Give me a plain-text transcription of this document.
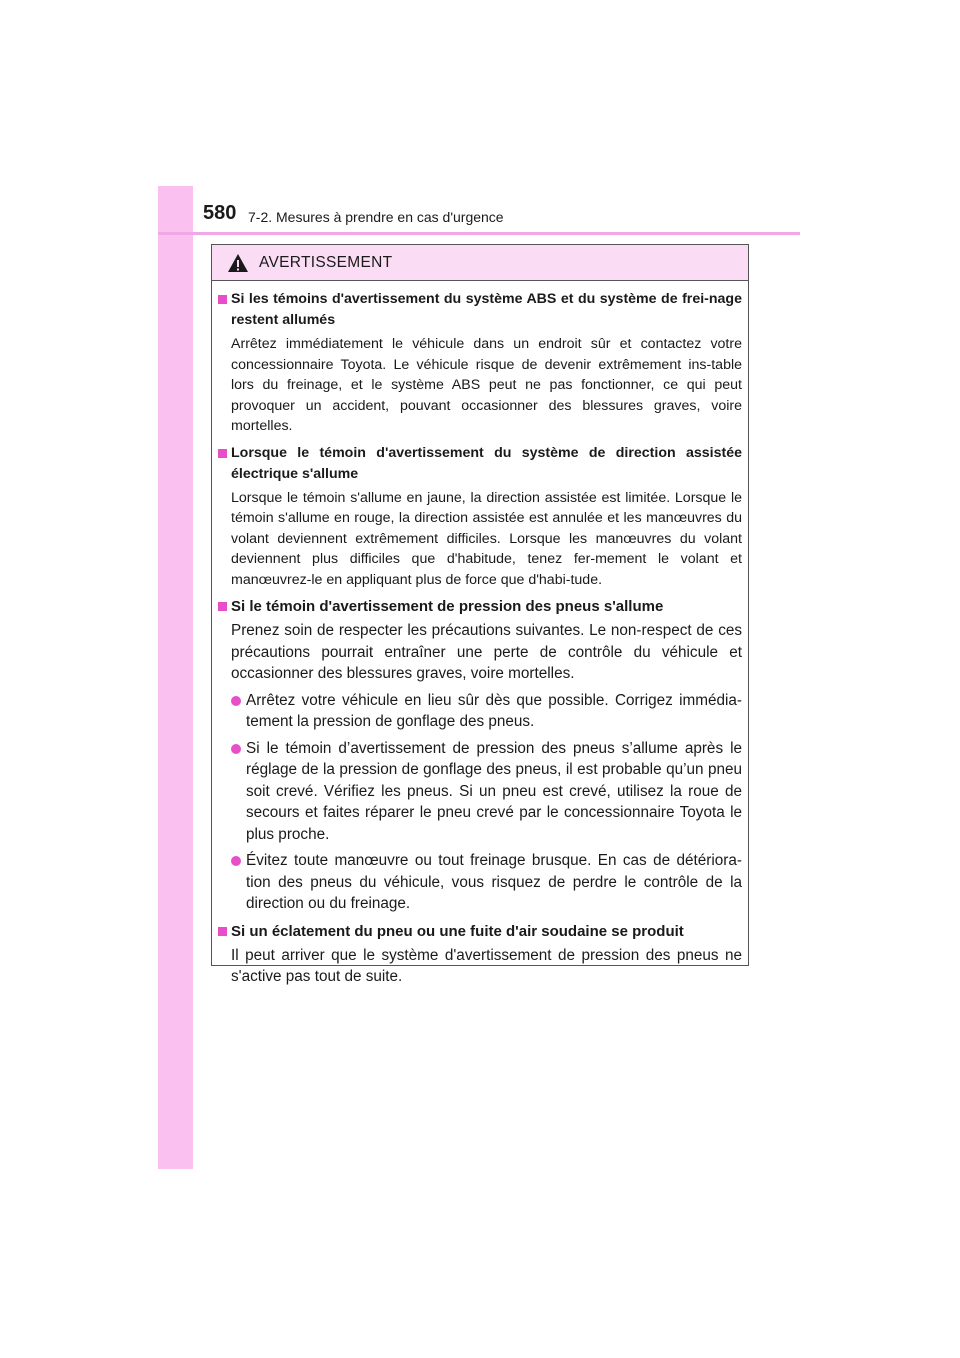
580 7-2. Mesures à prendre en cas d'urgence
AVERTISSEMENT
Si les témoins d'avertissement du système ABS et du système de frei-nage restent allumés
Arrêtez immédiatement le véhicule dans un endroit sûr et contactez votre concessionnaire Toyota. Le véhicule risque de devenir extrêmement ins-table lors du freinage, et le système ABS peut ne pas fonctionner, ce qui peut provoquer un accident, pouvant occasionner des blessures graves, voire mortelles.
Lorsque le témoin d'avertissement du système de direction assistée électrique s'allume
Lorsque le témoin s'allume en jaune, la direction assistée est limitée. Lorsque le témoin s'allume en rouge, la direction assistée est annulée et les manœuvres du volant deviennent extrêmement difficiles. Lorsque les manœuvres du volant deviennent plus difficiles que d'habitude, tenez fer-mement le volant et manœuvrez-le en appliquant plus de force que d'habi-tude.
Si le témoin d'avertissement de pression des pneus s'allume
Prenez soin de respecter les précautions suivantes. Le non-respect de ces précautions pourrait entraîner une perte de contrôle du véhicule et occasionner des blessures graves, voire mortelles.
Arrêtez votre véhicule en lieu sûr dès que possible. Corrigez immédia-tement la pression de gonflage des pneus.
Si le témoin d’avertissement de pression des pneus s’allume après le réglage de la pression de gonflage des pneus, il est probable qu’un pneu soit crevé. Vérifiez les pneus. Si un pneu est crevé, utilisez la roue de secours et faites réparer le pneu crevé par le concessionnaire Toyota le plus proche.
Évitez toute manœuvre ou tout freinage brusque. En cas de détériora-tion des pneus du véhicule, vous risquez de perdre le contrôle de la direction ou du freinage.
Si un éclatement du pneu ou une fuite d'air soudaine se produit
Il peut arriver que le système d'avertissement de pression des pneus ne s'active pas tout de suite.
